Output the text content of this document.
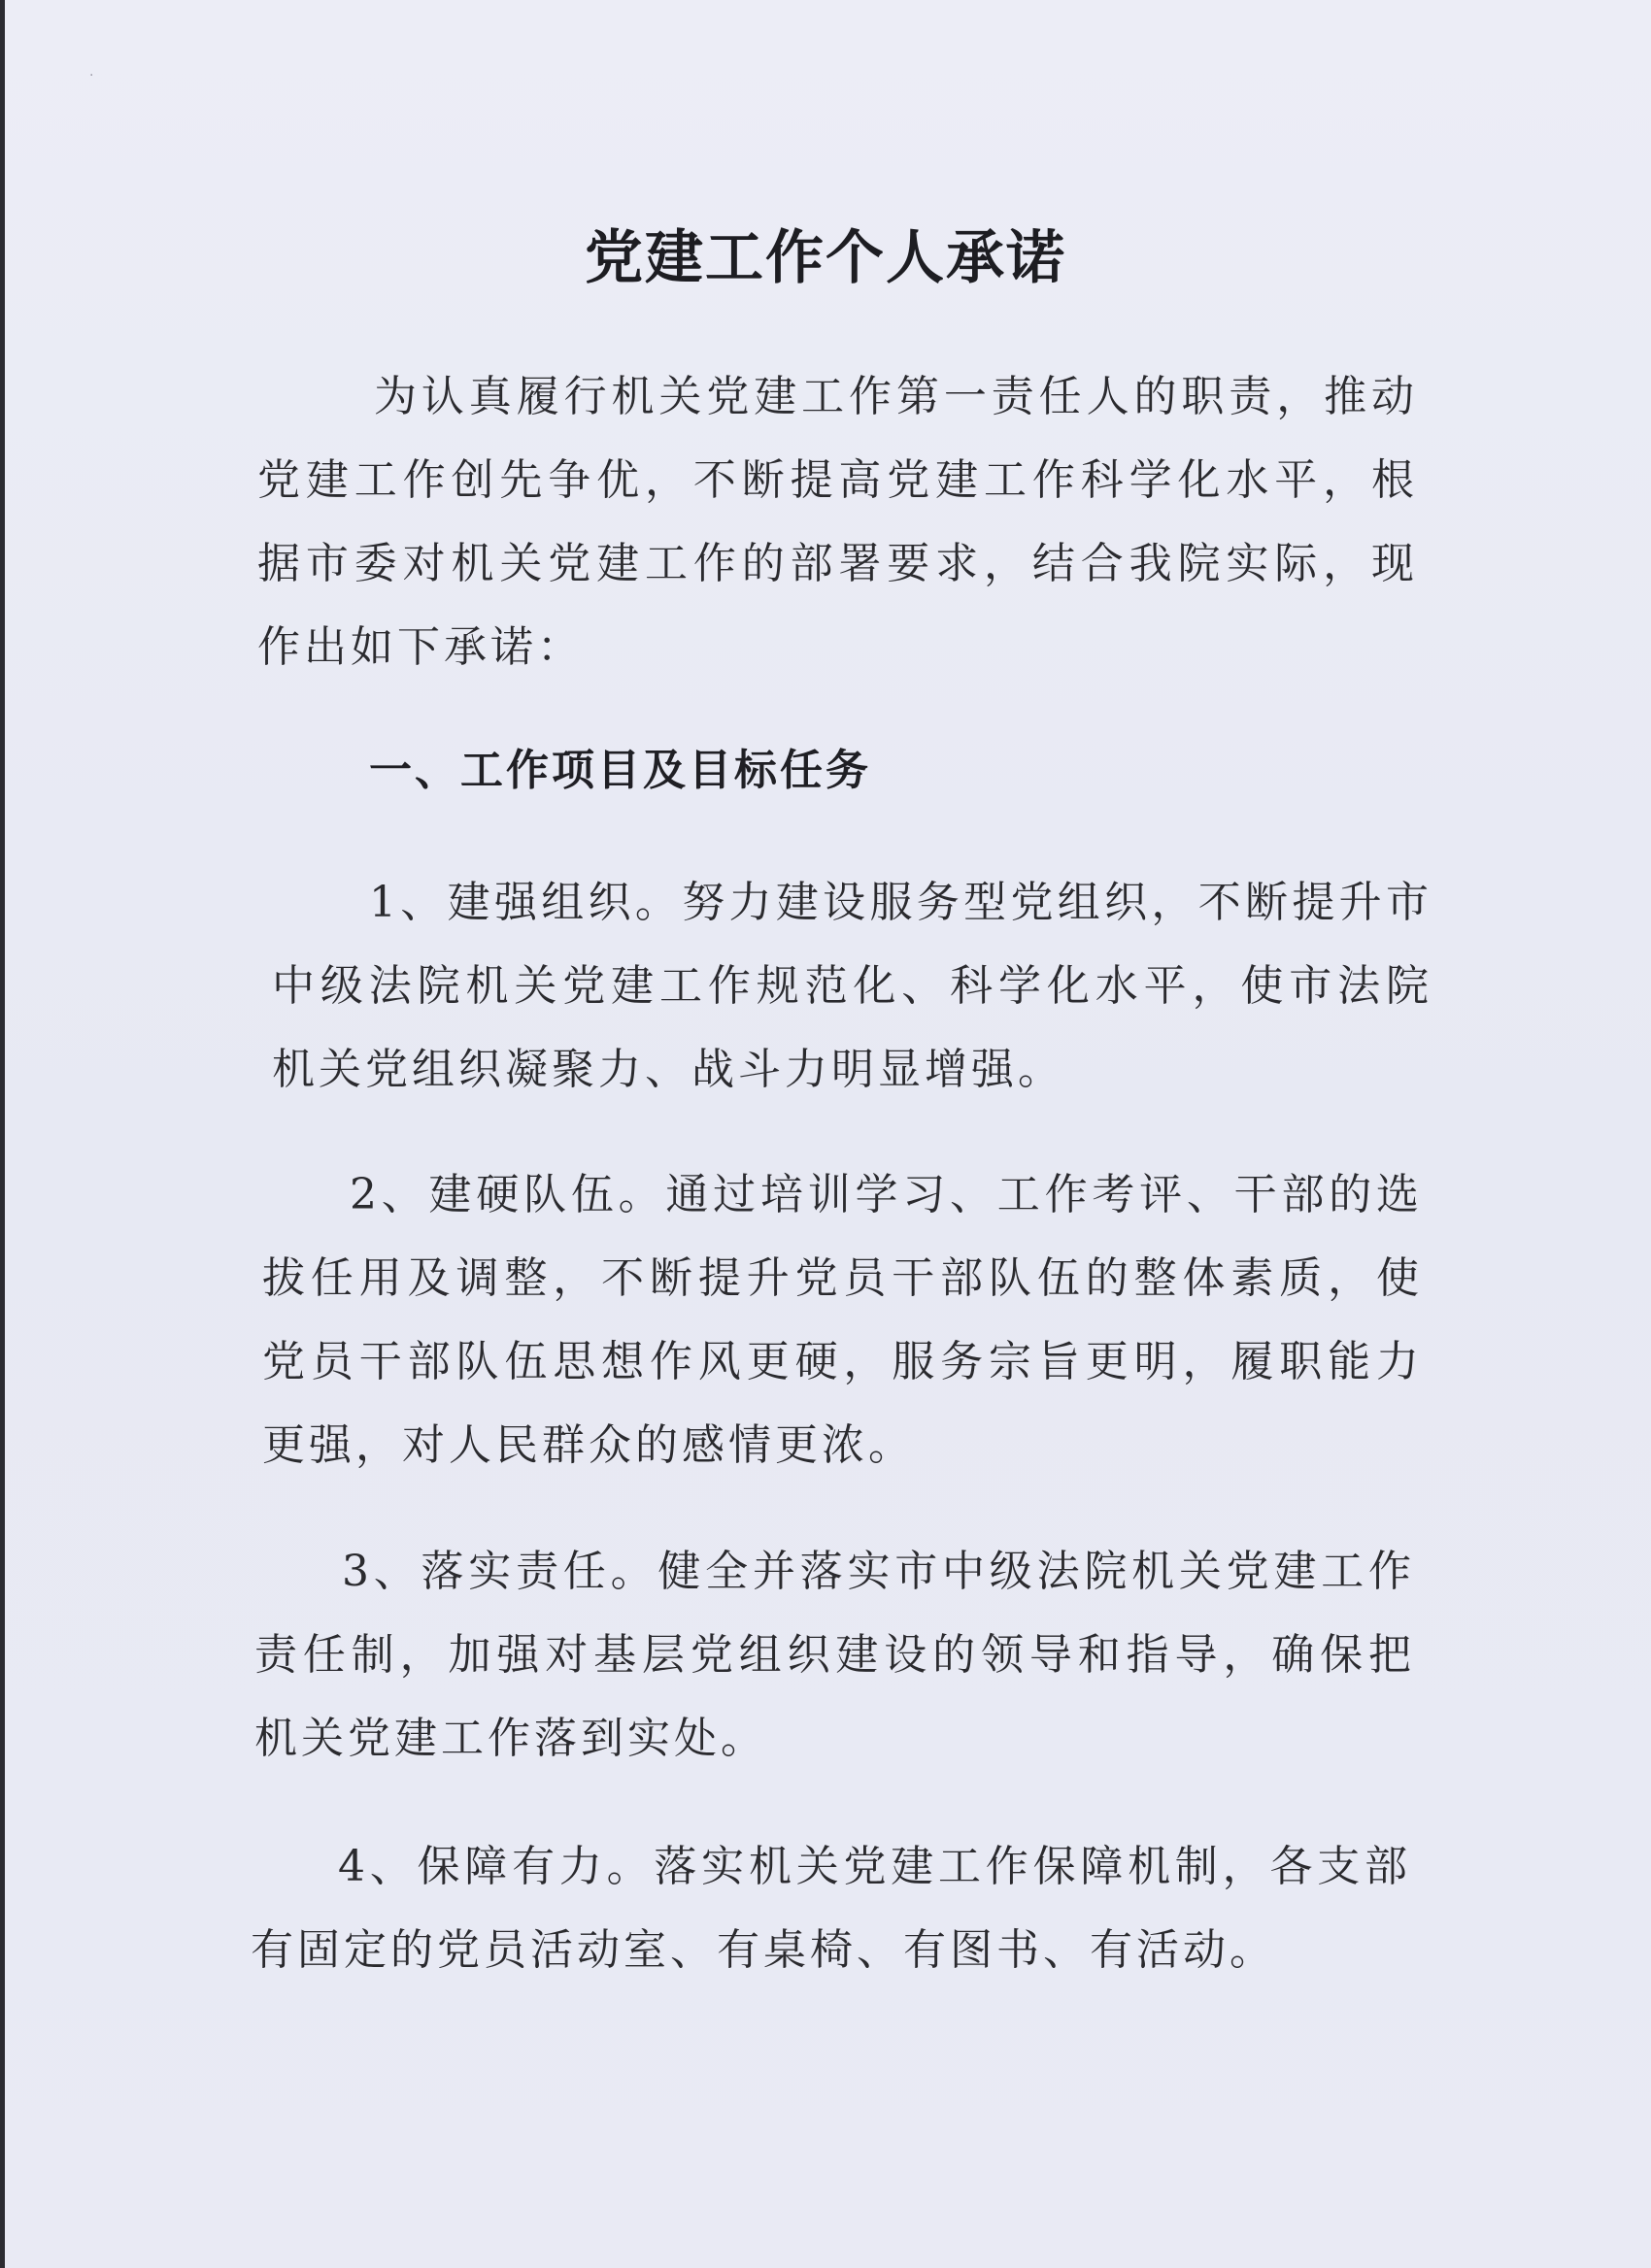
·
党建工作个人承诺

为认真履行机关党建工作第一责任人的职责，推动党建工作创先争优，不断提高党建工作科学化水平，根据市委对机关党建工作的部署要求，结合我院实际，现作出如下承诺：

一、工作项目及目标任务

1、建强组织。努力建设服务型党组织，不断提升市中级法院机关党建工作规范化、科学化水平，使市法院机关党组织凝聚力、战斗力明显增强。

2、建硬队伍。通过培训学习、工作考评、干部的选拔任用及调整，不断提升党员干部队伍的整体素质，使党员干部队伍思想作风更硬，服务宗旨更明，履职能力更强，对人民群众的感情更浓。

3、落实责任。健全并落实市中级法院机关党建工作责任制，加强对基层党组织建设的领导和指导，确保把机关党建工作落到实处。

4、保障有力。落实机关党建工作保障机制，各支部有固定的党员活动室、有桌椅、有图书、有活动。
